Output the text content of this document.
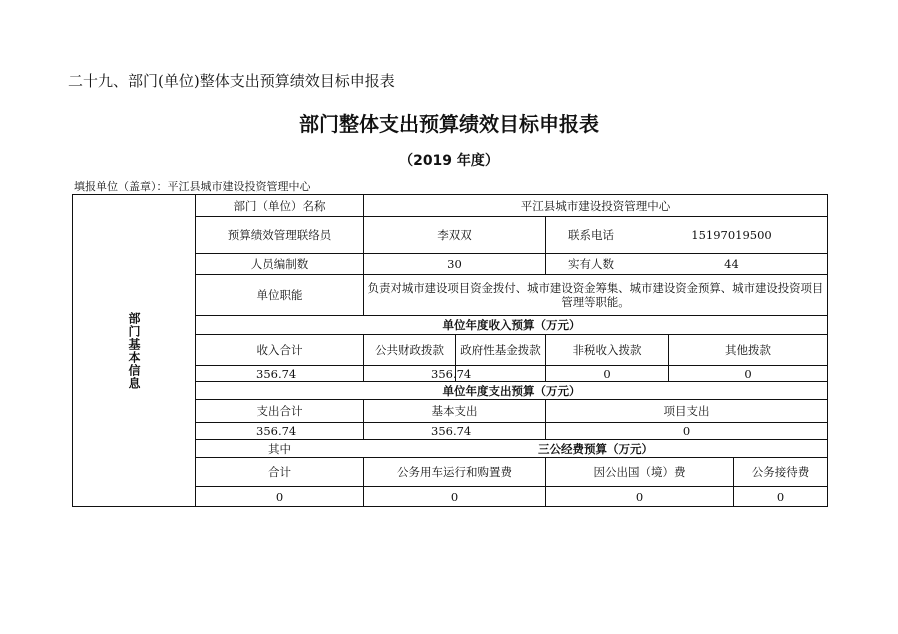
二十九、部门(单位)整体支出预算绩效目标申报表
部门整体支出预算绩效目标申报表
（2019 年度）
填报单位（盖章）：平江县城市建设投资管理中心
部门基本信息
部门（单位）名称	平江县城市建设投资管理中心
预算绩效管理联络员	李双双	联系电话	15197019500
人员编制数	30	实有人数	44
单位职能	负责对城市建设项目资金拨付、城市建设资金筹集、城市建设资金预算、城市建设投资项目管理等职能。
单位年度收入预算（万元）
收入合计	公共财政拨款	政府性基金拨款	非税收入拨款	其他拨款
356.74	356.74	0	0
单位年度支出预算（万元）
支出合计	基本支出	项目支出
356.74	356.74	0
其中	三公经费预算（万元）
合计	公务用车运行和购置费	因公出国（境）费	公务接待费
0	0	0	0
